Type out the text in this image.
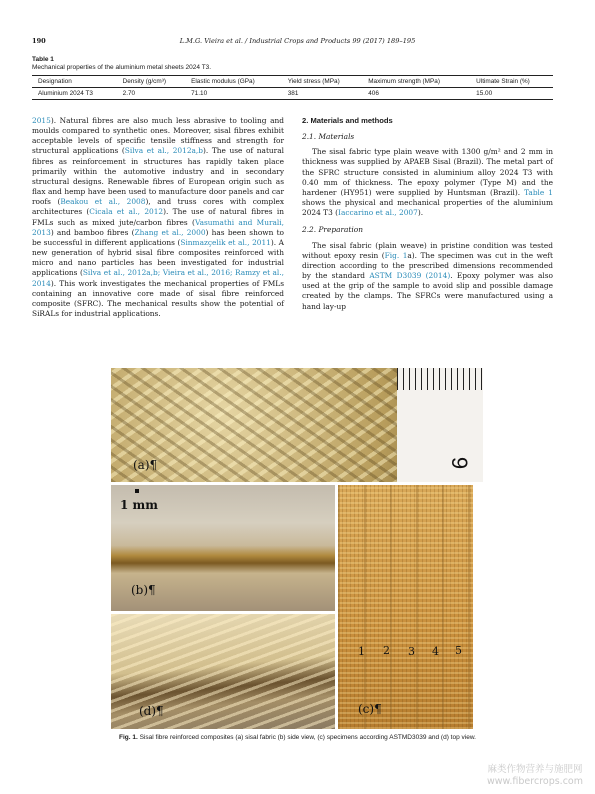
190	L.M.G. Vieira et al. / Industrial Crops and Products 99 (2017) 189–195
Table 1
Mechanical properties of the aluminium metal sheets 2024 T3.
Designation	Density (g/cm³)	Elastic modulus (GPa)	Yield stress (MPa)	Maximum strength (MPa)	Ultimate Strain (%)
Aluminium 2024 T3	2.70	71.10	381	406	15.00

2015). Natural fibres are also much less abrasive to tooling and moulds compared to synthetic ones. Moreover, sisal fibres exhibit acceptable levels of specific tensile stiffness and strength for structural applications (Silva et al., 2012a,b). The use of natural fibres as reinforcement in structures has rapidly taken place primarily within the automotive industry and in secondary structural designs. Renewable fibres of European origin such as flax and hemp have been used to manufacture door panels and car roofs (Beakou et al., 2008), and truss cores with complex architectures (Cicala et al., 2012). The use of natural fibres in FMLs such as mixed jute/carbon fibres (Vasumathi and Murali, 2013) and bamboo fibres (Zhang et al., 2000) has been shown to be successful in different applications (Sinmazçelik et al., 2011). A new generation of hybrid sisal fibre composites reinforced with micro and nano particles has been investigated for industrial applications (Silva et al., 2012a,b; Vieira et al., 2016; Ramzy et al., 2014). This work investigates the mechanical properties of FMLs containing an innovative core made of sisal fibre reinforced composite (SFRC). The mechanical results show the potential of SiRALs for industrial applications.

2. Materials and methods

2.1. Materials

The sisal fabric type plain weave with 1300 g/m² and 2 mm in thickness was supplied by APAEB Sisal (Brazil). The metal part of the SFRC structure consisted in aluminium alloy 2024 T3 with 0.40 mm of thickness. The epoxy polymer (Type M) and the hardener (HY951) were supplied by Huntsman (Brazil). Table 1 shows the physical and mechanical properties of the aluminium 2024 T3 (Iaccarino et al., 2007).

2.2. Preparation

The sisal fabric (plain weave) in pristine condition was tested without epoxy resin (Fig. 1a). The specimen was cut in the weft direction according to the prescribed dimensions recommended by the standard ASTM D3039 (2014). Epoxy polymer was also used at the grip of the sample to avoid slip and possible damage created by the clamps. The SFRCs were manufactured using a hand lay-up

9
(a)¶
(b)¶
1 mm
1 2 3 4 5
(c)¶
(d)¶
Fig. 1. Sisal fibre reinforced composites (a) sisal fabric (b) side view, (c) specimens according ASTMD3039 and (d) top view.
麻类作物营养与施肥网
www.fibercrops.com
